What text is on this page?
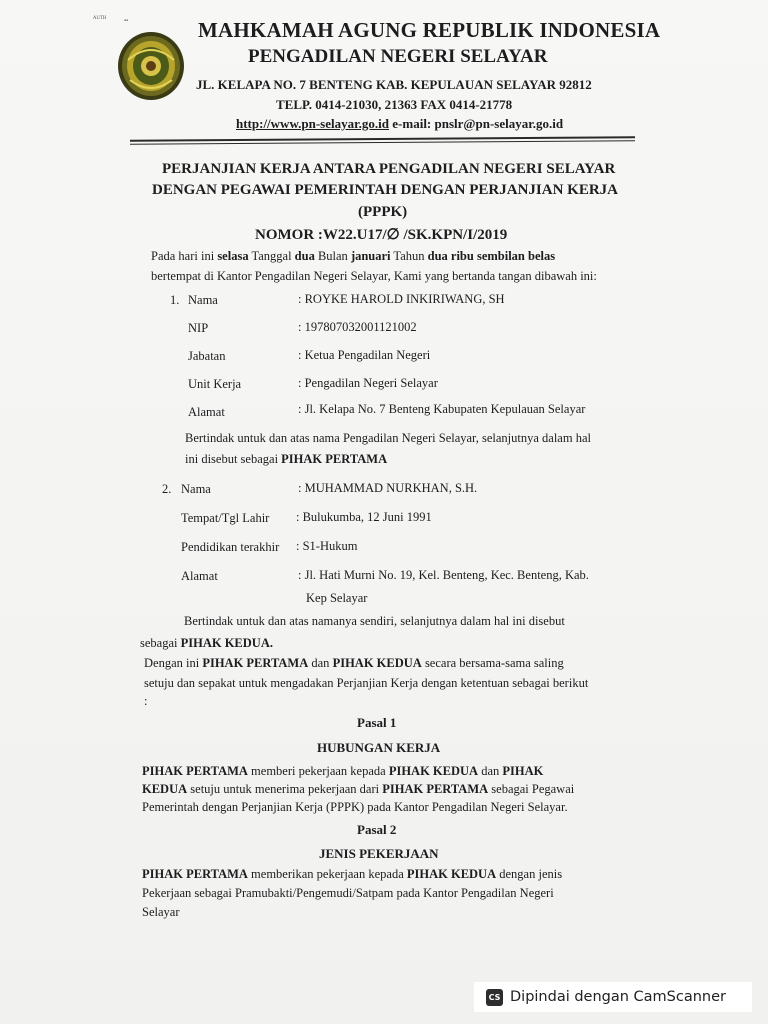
ᴬᵁᵀᴴ	▪▪	MAHKAMAH AGUNG REPUBLIK INDONESIA
PENGADILAN NEGERI SELAYAR
JL. KELAPA NO. 7 BENTENG KAB. KEPULAUAN SELAYAR 92812
TELP. 0414-21030, 21363 FAX 0414-21778
http://www.pn-selayar.go.id e-mail: pnslr@pn-selayar.go.id
PERJANJIAN KERJA ANTARA PENGADILAN NEGERI SELAYAR
DENGAN PEGAWAI PEMERINTAH DENGAN PERJANJIAN KERJA
(PPPK)
NOMOR :W22.U17/∅ /SK.KPN/I/2019
Pada hari ini selasa Tanggal dua Bulan januari Tahun dua ribu sembilan belas
bertempat di Kantor Pengadilan Negeri Selayar, Kami yang bertanda tangan dibawah ini:
1. Nama	: ROYKE HAROLD INKIRIWANG, SH
NIP	: 197807032001121002
Jabatan	: Ketua Pengadilan Negeri
Unit Kerja	: Pengadilan Negeri Selayar
Alamat	: Jl. Kelapa No. 7 Benteng Kabupaten Kepulauan Selayar
Bertindak untuk dan atas nama Pengadilan Negeri Selayar, selanjutnya dalam hal
ini disebut sebagai PIHAK PERTAMA
2. Nama	: MUHAMMAD NURKHAN, S.H.
Tempat/Tgl Lahir : Bulukumba, 12 Juni 1991
Pendidikan terakhir : S1-Hukum
Alamat	: Jl. Hati Murni No. 19, Kel. Benteng, Kec. Benteng, Kab.
Kep Selayar
Bertindak untuk dan atas namanya sendiri, selanjutnya dalam hal ini disebut
sebagai PIHAK KEDUA.
Dengan ini PIHAK PERTAMA dan PIHAK KEDUA secara bersama-sama saling
setuju dan sepakat untuk mengadakan Perjanjian Kerja dengan ketentuan sebagai berikut
:
Pasal 1
HUBUNGAN KERJA
PIHAK PERTAMA memberi pekerjaan kepada PIHAK KEDUA dan PIHAK
KEDUA setuju untuk menerima pekerjaan dari PIHAK PERTAMA sebagai Pegawai
Pemerintah dengan Perjanjian Kerja (PPPK) pada Kantor Pengadilan Negeri Selayar.
Pasal 2
JENIS PEKERJAAN
PIHAK PERTAMA memberikan pekerjaan kepada PIHAK KEDUA dengan jenis
Pekerjaan sebagai Pramubakti/Pengemudi/Satpam pada Kantor Pengadilan Negeri
Selayar
CS Dipindai dengan CamScanner
